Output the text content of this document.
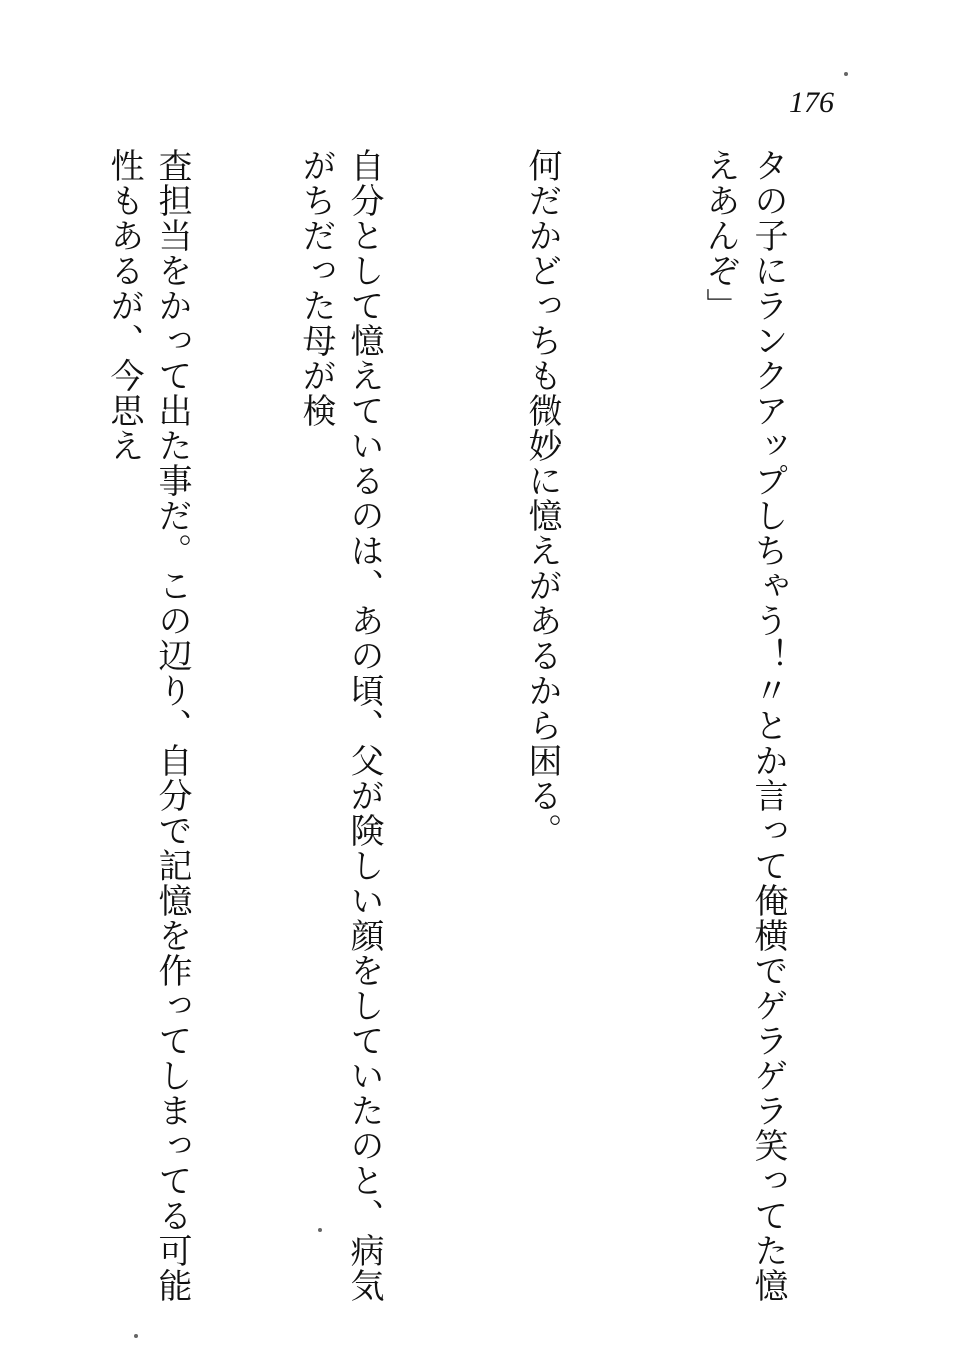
176

タの子にランクアップしちゃう！〃とか言って俺横でゲラゲラ笑ってた憶えあんぞ」

何だかどっちも微妙に憶えがあるから困る。

自分として憶えているのは、あの頃、父が険しい顔をしていたのと、病気がちだった母が検

査担当をかって出た事だ。この辺り、自分で記憶を作ってしまってる可能性もあるが、今思え
